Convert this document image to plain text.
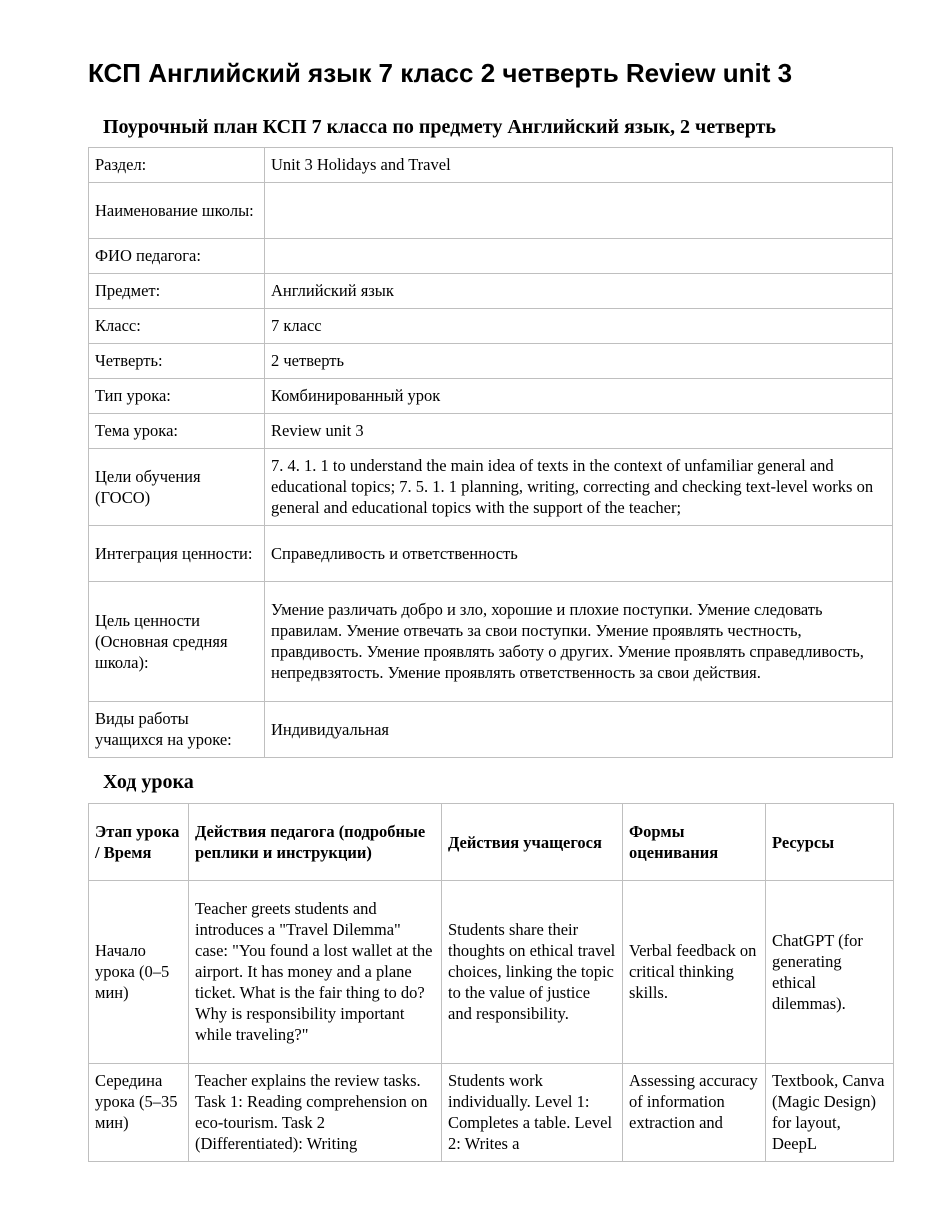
КСП Английский язык 7 класс 2 четверть Review unit 3
Поурочный план КСП 7 класса по предмету Английский язык, 2 четверть
Раздел:	Unit 3 Holidays and Travel
Наименование школы:	
ФИО педагога:	
Предмет:	Английский язык
Класс:	7 класс
Четверть:	2 четверть
Тип урока:	Комбинированный урок
Тема урока:	Review unit 3
Цели обучения (ГОСО)	7. 4. 1. 1 to understand the main idea of texts in the context of unfamiliar general and educational topics; 7. 5. 1. 1 planning, writing, correcting and checking text-level works on general and educational topics with the support of the teacher;
Интеграция ценности:	Справедливость и ответственность
Цель ценности (Основная средняя школа):	Умение различать добро и зло, хорошие и плохие поступки. Умение следовать правилам. Умение отвечать за свои поступки. Умение проявлять честность, правдивость. Умение проявлять заботу о других. Умение проявлять справедливость, непредвзятость. Умение проявлять ответственность за свои действия.
Виды работы учащихся на уроке:	Индивидуальная
Ход урока
Этап урока / Время	Действия педагога (подробные реплики и инструкции)	Действия учащегося	Формы оценивания	Ресурсы
Начало урока (0–5 мин)	Teacher greets students and introduces a "Travel Dilemma" case: "You found a lost wallet at the airport. It has money and a plane ticket. What is the fair thing to do? Why is responsibility important while traveling?"	Students share their thoughts on ethical travel choices, linking the topic to the value of justice and responsibility.	Verbal feedback on critical thinking skills.	ChatGPT (for generating ethical dilemmas).

Середина урока (5–35 мин)	Teacher explains the review tasks. Task 1: Reading comprehension on eco-tourism. Task 2 (Differentiated): Writing	Students work individually. Level 1: Completes a table. Level 2: Writes a	Assessing accuracy of information extraction and	Textbook, Canva (Magic Design) for layout, DeepL
